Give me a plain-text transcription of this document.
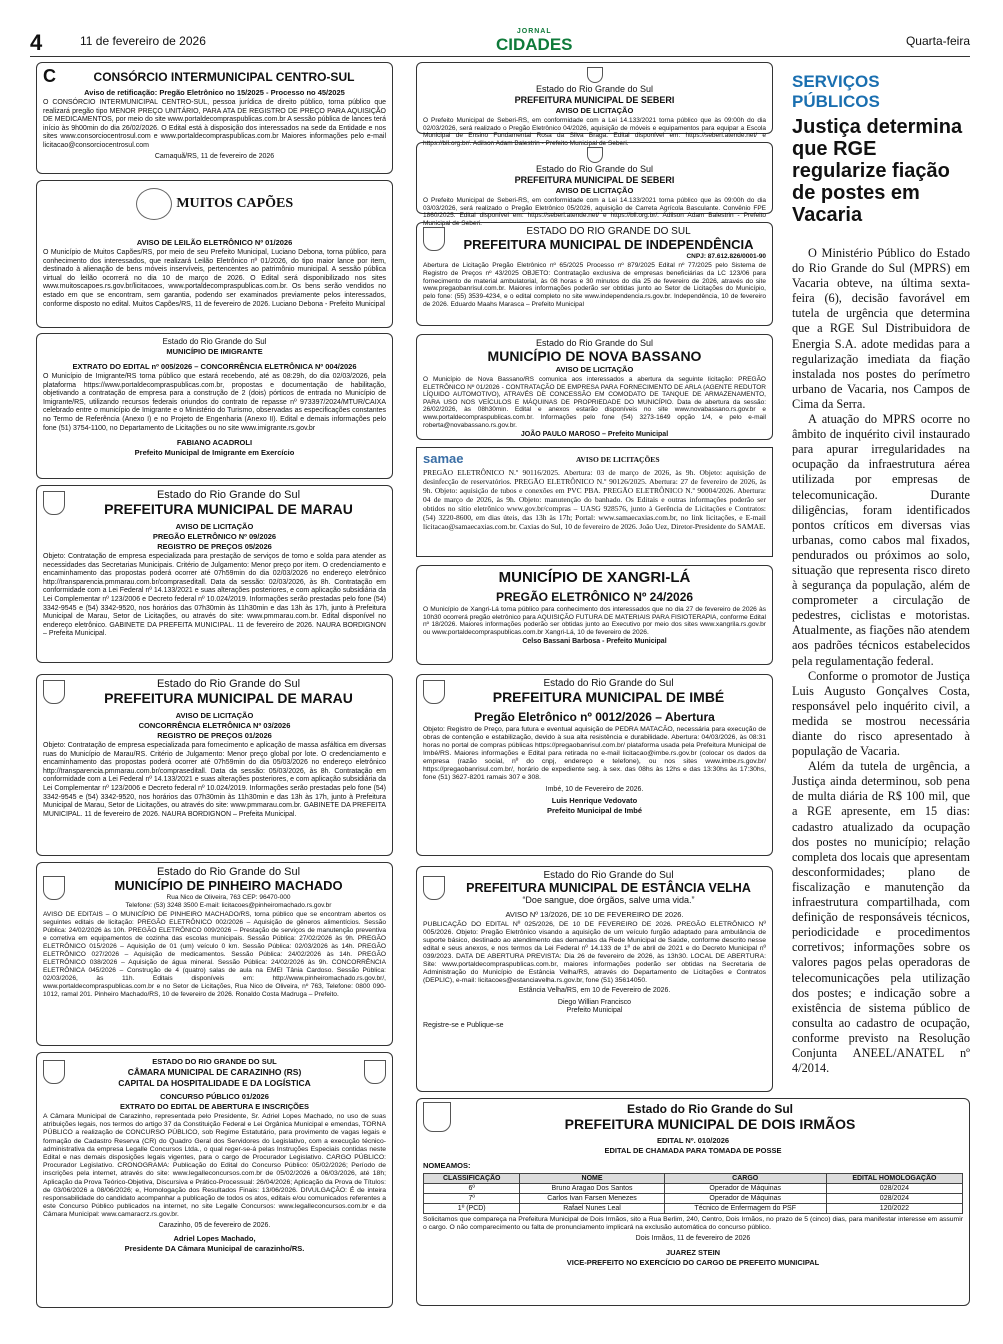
4	11 de fevereiro de 2026
JORNAL
CIDADES	Quarta-feira
C	CONSÓRCIO INTERMUNICIPAL CENTRO-SUL
Aviso de retificação: Pregão Eletrônico no 15/2025 - Processo no 45/2025

O CONSÓRCIO INTERMUNICIPAL CENTRO-SUL, pessoa jurídica de direito público, torna público que realizará pregão tipo MENOR PREÇO UNITÁRIO, PARA ATA DE REGISTRO DE PREÇO PARA AQUISIÇÃO DE MEDICAMENTOS, por meio do site www.portaldecompraspublicas.com.br A sessão pública de lances terá início às 9h00min do dia 26/02/2026. O Edital está à disposição dos interessados na sede da Entidade e nos sites www.consorciocentrosul.com e www.portaldecompraspublicas.com.br Maiores informações pelo e-mail licitacao@consorciocentrosul.com

Camaquã/RS, 11 de fevereiro de 2026

MUITOS CAPÕES
AVISO DE LEILÃO ELETRÔNICO Nº 01/2026

O Município de Muitos Capões/RS, por meio de seu Prefeito Municipal, Luciano Debona, torna público, para conhecimento dos interessados, que realizará Leilão Eletrônico nº 01/2026, do tipo maior lance por item, destinado à alienação de bens móveis inservíveis, pertencentes ao patrimônio municipal. A sessão pública virtual do leilão ocorrerá no dia 10 de março de 2026. O Edital será disponibilizado nos sites www.muitoscapoes.rs.gov.br/licitacoes, www.portaldecompraspublicas.com.br. Os bens serão vendidos no estado em que se encontram, sem garantia, podendo ser examinados previamente pelos interessados, conforme disposto no edital. Muitos Capões/RS, 11 de fevereiro de 2026. Luciano Debona - Prefeito Municipal

Estado do Rio Grande do Sul
MUNICÍPIO DE IMIGRANTE
EXTRATO DO EDITAL nº 005/2026 – CONCORRÊNCIA ELETRÔNICA Nº 004/2026

O Município de Imigrante/RS torna público que estará recebendo, até as 08:29h, do dia 02/03/2026, pela plataforma https://www.portaldecompraspublicas.com.br, propostas e documentação de habilitação, objetivando a contratação de empresa para a construção de 2 (dois) pórticos de entrada no Município de Imigrante/RS, utilizando recursos federais oriundos do contrato de repasse nº 973397/2024/MTUR/CAIXA celebrado entre o município de Imigrante e o Ministério do Turismo, observadas as especificações constantes no Termo de Referência (Anexo I) e no Projeto de Engenharia (Anexo II). Edital e demais informações pelo fone (51) 3754-1100, no Departamento de Licitações ou no site www.imigrante.rs.gov.br

FABIANO ACADROLI
Prefeito Municipal de Imigrante em Exercício
Estado do Rio Grande do Sul
PREFEITURA MUNICIPAL DE MARAU
AVISO DE LICITAÇÃO
PREGÃO ELETRÔNICO Nº 09/2026
REGISTRO DE PREÇOS 05/2026

Objeto: Contratação de empresa especializada para prestação de serviços de torno e solda para atender as necessidades das Secretarias Municipais. Critério de Julgamento: Menor preço por item. O credenciamento e encaminhamento das propostas poderá ocorrer até 07h59min do dia 02/03/2026 no endereço eletrônico http://transparencia.pmmarau.com.br/compraseditall. Data da sessão: 02/03/2026, às 8h. Contratação em conformidade com a Lei Federal nº 14.133/2021 e suas alterações posteriores, e com aplicação subsidiária da Lei Complementar nº 123/2006 e Decreto federal nº 10.024/2019. Informações serão prestadas pelo fone (54) 3342-9545 e (54) 3342-9520, nos horários das 07h30min às 11h30min e das 13h às 17h, junto à Prefeitura Municipal de Marau, Setor de Licitações, ou através do site: www.pmmarau.com.br. Edital disponível no endereço eletrônico. GABINETE DA PREFEITA MUNICIPAL. 11 de fevereiro de 2026. NAURA BORDIGNON – Prefeita Municipal.

Estado do Rio Grande do Sul
PREFEITURA MUNICIPAL DE MARAU
AVISO DE LICITAÇÃO
CONCORRÊNCIA ELETRÔNICA Nº 03/2026
REGISTRO DE PREÇOS 01/2026

Objeto: Contratação de empresa especializada para fornecimento e aplicação de massa asfáltica em diversas ruas do Município de Marau/RS. Critério de Julgamento: Menor preço global por lote. O credenciamento e encaminhamento das propostas poderá ocorrer até 07h59min do dia 05/03/2026 no endereço eletrônico http://transparencia.pmmarau.com.br/compraseditall. Data da sessão: 05/03/2026, às 8h. Contratação em conformidade com a Lei Federal nº 14.133/2021 e suas alterações posteriores, e com aplicação subsidiária da Lei Complementar nº 123/2006 e Decreto federal nº 10.024/2019. Informações serão prestadas pelo fone (54) 3342-9545 e (54) 3342-9520, nos horários das 07h30min às 11h30min e das 13h às 17h, junto à Prefeitura Municipal de Marau, Setor de Licitações, ou através do site: www.pmmarau.com.br. GABINETE DA PREFEITA MUNICIPAL. 11 de fevereiro de 2026. NAURA BORDIGNON – Prefeita Municipal.

Estado do Rio Grande do Sul
MUNICÍPIO DE PINHEIRO MACHADO
Rua Nico de Oliveira, 763 CEP: 96470-000
Telefone: (53) 3248 3500 E-mail: licitacoes@pinheiromachado.rs.gov.br

AVISO DE EDITAIS – O MUNICÍPIO DE PINHEIRO MACHADO/RS, torna público que se encontram abertos os seguintes editais de licitação: PREGÃO ELETRÔNICO 002/2026 – Aquisição de gêneros alimentícios. Sessão Pública: 24/02/2026 às 10h. PREGÃO ELETRÔNICO 009/2026 – Prestação de serviços de manutenção preventiva e corretiva em equipamentos de cozinha das escolas municipais. Sessão Pública: 27/02/2026 às 9h. PREGÃO ELETRÔNICO 015/2026 – Aquisição de 01 (um) veículo 0 km. Sessão Pública: 02/03/2026 às 14h. PREGÃO ELETRÔNICO 027/2026 – Aquisição de medicamentos. Sessão Pública: 24/02/2026 às 14h. PREGÃO ELETRÔNICO 038/2026 – Aquisição de água mineral. Sessão Pública: 24/02/2026 às 9h. CONCORRÊNCIA ELETRÔNICA 045/2026 – Construção de 4 (quatro) salas de aula na EMEI Tânia Cardoso. Sessão Pública: 02/03/2026, às 11h. Editais disponíveis em: http://www.pinheiromachado.rs.gov.br/, www.portaldecompraspublicas.com.br e no Setor de Licitações, Rua Nico de Oliveira, nº 763, Telefone: 0800 090-1012, ramal 201. Pinheiro Machado/RS, 10 de fevereiro de 2026. Ronaldo Costa Madruga – Prefeito.

ESTADO DO RIO GRANDE DO SUL
CÂMARA MUNICIPAL DE CARAZINHO (RS)
CAPITAL DA HOSPITALIDADE E DA LOGÍSTICA
CONCURSO PÚBLICO 01/2026
EXTRATO DO EDITAL DE ABERTURA E INSCRIÇÕES

A Câmara Municipal de Carazinho, representada pelo Presidente, Sr. Adriel Lopes Machado, no uso de suas atribuições legais, nos termos do artigo 37 da Constituição Federal e Lei Orgânica Municipal e emendas, TORNA PÚBLICO a realização de CONCURSO PÚBLICO, sob Regime Estatutário, para provimento de vagas legais e formação de Cadastro Reserva (CR) do Quadro Geral dos Servidores do Legislativo, com a execução técnico-administrativa da empresa Legalle Concursos Ltda., o qual reger-se-á pelas Instruções Especiais contidas neste Edital e nas demais disposições legais vigentes, para o cargo de Procurador Legislativo. CARGO PÚBLICO: Procurador Legislativo. CRONOGRAMA: Publicação do Edital do Concurso Público: 05/02/2026; Período de inscrições pela internet, através do site: www.legalleconcursos.com.br de 05/02/2026 a 06/03/2026, até 18h; Aplicação da Prova Teórico-Objetiva, Discursiva e Prático-Processual: 26/04/2026; Aplicação da Prova de Títulos: de 03/06/2026 a 08/06/2026; e, Homologação dos Resultados Finais: 13/06/2026. DIVULGAÇÃO: É de inteira responsabilidade do candidato acompanhar a publicação de todos os atos, editais e/ou comunicados referentes a este Concurso Público publicados na internet, no site Legalle Concursos: www.legalleconcursos.com.br e da Câmara Municipal: www.camaracrz.rs.gov.br.

Carazinho, 05 de fevereiro de 2026.

Adriel Lopes Machado,
Presidente DA Câmara Municipal de carazinho/RS.
Estado do Rio Grande do Sul
PREFEITURA MUNICIPAL DE SEBERI
AVISO DE LICITAÇÃO

O Prefeito Municipal de Seberi-RS, em conformidade com a Lei 14.133/2021 torna público que às 09:00h do dia 02/03/2026, será realizado o Pregão Eletrônico 04/2026, aquisição de móveis e equipamentos para equipar a Escola Municipal de Ensino Fundamental Rosa da Silva Braga. Edital disponível em: https://seberi.atende.net/ e https://bll.org.br/. Adilson Adam Balestrin - Prefeito Municipal de Seberi.

Estado do Rio Grande do Sul
PREFEITURA MUNICIPAL DE SEBERI
AVISO DE LICITAÇÃO

O Prefeito Municipal de Seberi-RS, em conformidade com a Lei 14.133/2021 torna público que às 09:00h do dia 03/03/2026, será realizado o Pregão Eletrônico 05/2026, aquisição de Carreta Agrícola Basculante. Convênio FPE 1860/2025. Edital disponível em: https://seberi.atende.net/ e https://bll.org.br/. Adilson Adam Balestrin - Prefeito Municipal de Seberi.

ESTADO DO RIO GRANDE DO SUL
PREFEITURA MUNICIPAL DE INDEPENDÊNCIA
CNPJ: 87.612.826/0001-90

Abertura de Licitação Pregão Eletrônico nº 65/2025 Processo nº 879/2025 Edital nº 77/2025 pelo Sistema de Registro de Preços nº 43/2025 OBJETO: Contratação exclusiva de empresas beneficiárias da LC 123/06 para fornecimento de material ambulatorial, às 08 horas e 30 minutos do dia 25 de fevereiro de 2026, através do site www.pregaobanrisul.com.br. Maiores informações poderão ser obtidas junto ao Setor de Licitações do Município, pelo fone: (55) 3539-4234, e o edital completo no site www.independencia.rs.gov.br. Independência, 10 de fevereiro de 2026. Eduardo Maahs Marasca – Prefeito Municipal

Estado do Rio Grande do Sul
MUNICÍPIO DE NOVA BASSANO
AVISO DE LICITAÇÃO

O Município de Nova Bassano/RS comunica aos interessados a abertura da seguinte licitação: PREGÃO ELETRÔNICO Nº 01/2026 - CONTRATAÇÃO DE EMPRESA PARA FORNECIMENTO DE ARLA (AGENTE REDUTOR LÍQUIDO AUTOMOTIVO), ATRAVÉS DE CONCESSÃO EM COMODATO DE TANQUE DE ARMAZENAMENTO, PARA USO NOS VEÍCULOS E MÁQUINAS DE PROPRIEDADE DO MUNICÍPIO. Data de abertura da sessão: 26/02/2026, às 08h30min. Edital e anexos estarão disponíveis no site www.novabassano.rs.gov.br e www.portaldecompraspublicas.com.br. Informações pelo fone (54) 3273-1649 opção 1/4, e pelo e-mail roberta@novabassano.rs.gov.br.

JOÃO PAULO MAROSO – Prefeito Municipal

samae	AVISO DE LICITAÇÕES

PREGÃO ELETRÔNICO N.º 90116/2025. Abertura: 03 de março de 2026, às 9h. Objeto: aquisição de desinfecção de reservatórios. PREGÃO ELETRÔNICO N.º 90126/2025. Abertura: 27 de fevereiro de 2026, às 9h. Objeto: aquisição de tubos e conexões em PVC PBA. PREGÃO ELETRÔNICO N.º 90004/2026. Abertura: 04 de março de 2026, às 9h. Objeto: manutenção do banhado. Os Editais e outras informações poderão ser obtidos no sítio eletrônico www.gov.br/compras – UASG 928576, junto à Gerência de Licitações e Contratos: (54) 3220-8600, em dias úteis, das 13h às 17h; Portal: www.samaecaxias.com.br, no link licitações, e E-mail licitacao@samaecaxias.com.br. Caxias do Sul, 10 de fevereiro de 2026. João Uez, Diretor-Presidente do SAMAE.

MUNICÍPIO DE XANGRI-LÁ
PREGÃO ELETRÔNICO Nº 24/2026

O Município de Xangri-Lá torna público para conhecimento dos interessados que no dia 27 de fevereiro de 2026 às 10h30 ocorrerá pregão eletrônico para AQUISIÇÃO FUTURA DE MATERIAIS PARA FISIOTERAPIA, conforme Edital nº 18/2026. Maiores informações poderão ser obtidas junto ao Executivo por meio dos sites www.xangrila.rs.gov.br ou www.portaldecompraspublicas.com.br Xangri-Lá, 10 de fevereiro de 2026.

Celso Bassani Barbosa - Prefeito Municipal

Estado do Rio Grande do Sul
PREFEITURA MUNICIPAL DE IMBÉ
Pregão Eletrônico nº 0012/2026 – Abertura

Objeto: Registro de Preço, para futura e eventual aquisição de PEDRA MATACÃO, necessária para execução de obras de contenção e estabilização, devido à sua alta resistência e durabilidade. Abertura: 04/03/2026, às 08:31 horas no portal de compras públicas https://pregaobanrisul.com.br/ plataforma usada pela Prefeitura Municipal de Imbé/RS. Maiores informações e Edital para retirada no e-mail licitacao@imbe.rs.gov.br (colocar os dados da empresa (razão social, nº do cnpj, endereço e telefone), ou nos sites www.imbe.rs.gov.br/ https://pregaobanrisul.com.br/, horário de expediente seg. à sex. das 08hs às 12hs e das 13:30hs às 17:30hs, fone (51) 3627-8201 ramais 307 e 308.

Imbé, 10 de Fevereiro de 2026.

Luis Henrique Vedovato
Prefeito Municipal de Imbé
Estado do Rio Grande do Sul
PREFEITURA MUNICIPAL DE ESTÂNCIA VELHA
“Doe sangue, doe órgãos, salve uma vida.”
AVISO Nº 13/2026, DE 10 DE FEVEREIRO DE 2026.

PUBLICAÇÃO DO EDITAL Nº 025/2026, DE 10 DE FEVEREIRO DE 2026. PREGÃO ELETRÔNICO Nº 005/2026. Objeto: Pregão Eletrônico visando a aquisição de um veículo furgão adaptado para ambulância de suporte básico, destinado ao atendimento das demandas da Rede Municipal de Saúde, conforme descrito nesse edital e seus anexos, e nos termos da Lei Federal nº 14.133 de 1º de abril de 2021 e do Decreto Municipal nº 039/2023. DATA DE ABERTURA PREVISTA: Dia 26 de fevereiro de 2026, às 13h30. LOCAL DE ABERTURA: Site: www.portaldecompraspublicas.com.br, maiores informações poderão ser obtidas na Secretaria de Administração do Município de Estância Velha/RS, através do Departamento de Licitações e Contratos (DEPLIC), e-mail: licitacoes@estanciavelha.rs.gov.br, fone (51) 35614050.

Estância Velha/RS, em 10 de Fevereiro de 2026.

Diego Willian Francisco

Prefeito Municipal

Registre-se e Publique-se

Estado do Rio Grande do Sul
PREFEITURA MUNICIPAL DE DOIS IRMÃOS
EDITAL Nº. 010/2026
EDITAL DE CHAMADA PARA TOMADA DE POSSE
NOMEAMOS:
CLASSIFICAÇÃO	NOME	CARGO	EDITAL HOMOLOGAÇÃO
6º	Bruno Aragao Dos Santos	Operador de Máquinas	028/2024
7º	Carlos Ivan Farsen Menezes	Operador de Máquinas	028/2024
1º (PCD)	Rafael Nunes Leal	Técnico de Enfermagem do PSF	120/2022

Solicitamos que compareça na Prefeitura Municipal de Dois Irmãos, sito a Rua Berlim, 240, Centro, Dois Irmãos, no prazo de 5 (cinco) dias, para manifestar interesse em assumir o cargo. O não comparecimento ou falta de pronunciamento implicará na exclusão automática do concurso público.

Dois Irmãos, 11 de fevereiro de 2026

JUAREZ STEIN
VICE-PREFEITO NO EXERCÍCIO DO CARGO DE PREFEITO MUNICIPAL
SERVIÇOS PÚBLICOS
Justiça determina que RGE regularize fiação de postes em Vacaria

O Ministério Público do Estado do Rio Grande do Sul (MPRS) em Vacaria obteve, na última sexta-feira (6), decisão favorável em tutela de urgência que determina que a RGE Sul Distribuidora de Energia S.A. adote medidas para a regularização imediata da fiação instalada nos postes do perímetro urbano de Vacaria, nos Campos de Cima da Serra.

A atuação do MPRS ocorre no âmbito de inquérito civil instaurado para apurar irregularidades na ocupação da infraestrutura aérea utilizada por empresas de telecomunicação. Durante diligências, foram identificados pontos críticos em diversas vias urbanas, como cabos mal fixados, pendurados ou próximos ao solo, situação que representa risco direto à segurança da população, além de comprometer a circulação de pedestres, ciclistas e motoristas. Atualmente, as fiações não atendem aos padrões técnicos estabelecidos pela regulamentação federal.

Conforme o promotor de Justiça Luis Augusto Gonçalves Costa, responsável pelo inquérito civil, a medida se mostrou necessária diante do risco apresentado à população de Vacaria.

Além da tutela de urgência, a Justiça ainda determinou, sob pena de multa diária de R$ 100 mil, que a RGE apresente, em 15 dias: cadastro atualizado da ocupação dos postes no município; relação completa dos locais que apresentam desconformidades; plano de fiscalização e manutenção da infraestrutura compartilhada, com definição de responsáveis técnicos, periodicidade e procedimentos corretivos; informações sobre os valores pagos pelas operadoras de telecomunicações pela utilização dos postes; e indicação sobre a existência de sistema público de consulta ao cadastro de ocupação, conforme previsto na Resolução Conjunta ANEEL/ANATEL nº 4/2014.
